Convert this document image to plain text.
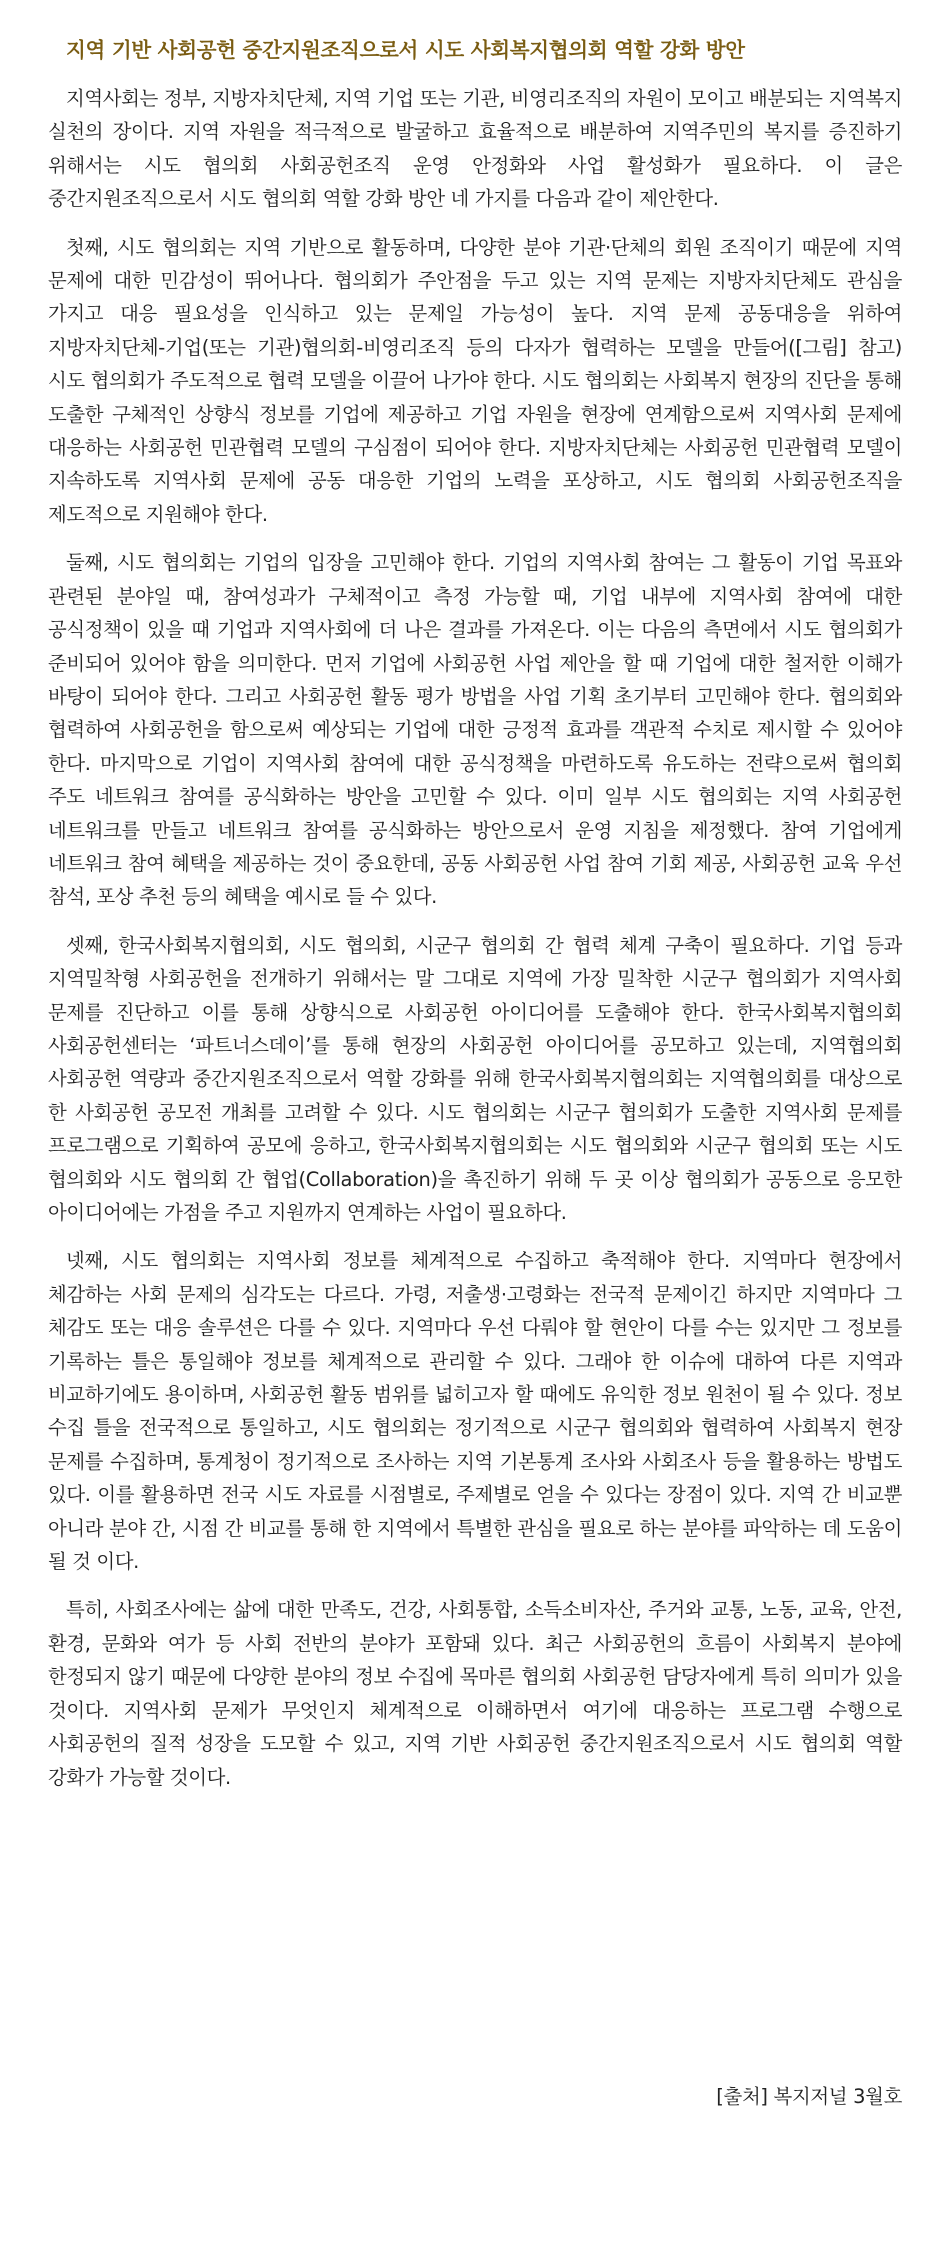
지역 기반 사회공헌 중간지원조직으로서 시도 사회복지협의회 역할 강화 방안

지역사회는 정부, 지방자치단체, 지역 기업 또는 기관, 비영리조직의 자원이 모이고 배분되는 지역복지 실천의 장이다. 지역 자원을 적극적으로 발굴하고 효율적으로 배분하여 지역주민의 복지를 증진하기 위해서는 시도 협의회 사회공헌조직 운영 안정화와 사업 활성화가 필요하다. 이 글은 중간지원조직으로서 시도 협의회 역할 강화 방안 네 가지를 다음과 같이 제안한다.

첫째, 시도 협의회는 지역 기반으로 활동하며, 다양한 분야 기관·단체의 회원 조직이기 때문에 지역 문제에 대한 민감성이 뛰어나다. 협의회가 주안점을 두고 있는 지역 문제는 지방자치단체도 관심을 가지고 대응 필요성을 인식하고 있는 문제일 가능성이 높다. 지역 문제 공동대응을 위하여 지방자치단체-기업(또는 기관)협의회-비영리조직 등의 다자가 협력하는 모델을 만들어([그림] 참고) 시도 협의회가 주도적으로 협력 모델을 이끌어 나가야 한다. 시도 협의회는 사회복지 현장의 진단을 통해 도출한 구체적인 상향식 정보를 기업에 제공하고 기업 자원을 현장에 연계함으로써 지역사회 문제에 대응하는 사회공헌 민관협력 모델의 구심점이 되어야 한다. 지방자치단체는 사회공헌 민관협력 모델이 지속하도록 지역사회 문제에 공동 대응한 기업의 노력을 포상하고, 시도 협의회 사회공헌조직을 제도적으로 지원해야 한다.

둘째, 시도 협의회는 기업의 입장을 고민해야 한다. 기업의 지역사회 참여는 그 활동이 기업 목표와 관련된 분야일 때, 참여성과가 구체적이고 측정 가능할 때, 기업 내부에 지역사회 참여에 대한 공식정책이 있을 때 기업과 지역사회에 더 나은 결과를 가져온다. 이는 다음의 측면에서 시도 협의회가 준비되어 있어야 함을 의미한다. 먼저 기업에 사회공헌 사업 제안을 할 때 기업에 대한 철저한 이해가 바탕이 되어야 한다. 그리고 사회공헌 활동 평가 방법을 사업 기획 초기부터 고민해야 한다. 협의회와 협력하여 사회공헌을 함으로써 예상되는 기업에 대한 긍정적 효과를 객관적 수치로 제시할 수 있어야 한다. 마지막으로 기업이 지역사회 참여에 대한 공식정책을 마련하도록 유도하는 전략으로써 협의회 주도 네트워크 참여를 공식화하는 방안을 고민할 수 있다. 이미 일부 시도 협의회는 지역 사회공헌 네트워크를 만들고 네트워크 참여를 공식화하는 방안으로서 운영 지침을 제정했다. 참여 기업에게 네트워크 참여 혜택을 제공하는 것이 중요한데, 공동 사회공헌 사업 참여 기회 제공, 사회공헌 교육 우선 참석, 포상 추천 등의 혜택을 예시로 들 수 있다.

셋째, 한국사회복지협의회, 시도 협의회, 시군구 협의회 간 협력 체계 구축이 필요하다. 기업 등과 지역밀착형 사회공헌을 전개하기 위해서는 말 그대로 지역에 가장 밀착한 시군구 협의회가 지역사회 문제를 진단하고 이를 통해 상향식으로 사회공헌 아이디어를 도출해야 한다. 한국사회복지협의회 사회공헌센터는 ‘파트너스데이’를 통해 현장의 사회공헌 아이디어를 공모하고 있는데, 지역협의회 사회공헌 역량과 중간지원조직으로서 역할 강화를 위해 한국사회복지협의회는 지역협의회를 대상으로 한 사회공헌 공모전 개최를 고려할 수 있다. 시도 협의회는 시군구 협의회가 도출한 지역사회 문제를 프로그램으로 기획하여 공모에 응하고, 한국사회복지협의회는 시도 협의회와 시군구 협의회 또는 시도 협의회와 시도 협의회 간 협업(Collaboration)을 촉진하기 위해 두 곳 이상 협의회가 공동으로 응모한 아이디어에는 가점을 주고 지원까지 연계하는 사업이 필요하다.

넷째, 시도 협의회는 지역사회 정보를 체계적으로 수집하고 축적해야 한다. 지역마다 현장에서 체감하는 사회 문제의 심각도는 다르다. 가령, 저출생·고령화는 전국적 문제이긴 하지만 지역마다 그 체감도 또는 대응 솔루션은 다를 수 있다. 지역마다 우선 다뤄야 할 현안이 다를 수는 있지만 그 정보를 기록하는 틀은 통일해야 정보를 체계적으로 관리할 수 있다. 그래야 한 이슈에 대하여 다른 지역과 비교하기에도 용이하며, 사회공헌 활동 범위를 넓히고자 할 때에도 유익한 정보 원천이 될 수 있다. 정보 수집 틀을 전국적으로 통일하고, 시도 협의회는 정기적으로 시군구 협의회와 협력하여 사회복지 현장 문제를 수집하며, 통계청이 정기적으로 조사하는 지역 기본통계 조사와 사회조사 등을 활용하는 방법도 있다. 이를 활용하면 전국 시도 자료를 시점별로, 주제별로 얻을 수 있다는 장점이 있다. 지역 간 비교뿐 아니라 분야 간, 시점 간 비교를 통해 한 지역에서 특별한 관심을 필요로 하는 분야를 파악하는 데 도움이 될 것 이다.

특히, 사회조사에는 삶에 대한 만족도, 건강, 사회통합, 소득소비자산, 주거와 교통, 노동, 교육, 안전, 환경, 문화와 여가 등 사회 전반의 분야가 포함돼 있다. 최근 사회공헌의 흐름이 사회복지 분야에 한정되지 않기 때문에 다양한 분야의 정보 수집에 목마른 협의회 사회공헌 담당자에게 특히 의미가 있을 것이다. 지역사회 문제가 무엇인지 체계적으로 이해하면서 여기에 대응하는 프로그램 수행으로 사회공헌의 질적 성장을 도모할 수 있고, 지역 기반 사회공헌 중간지원조직으로서 시도 협의회 역할 강화가 가능할 것이다.

[출처] 복지저널 3월호
